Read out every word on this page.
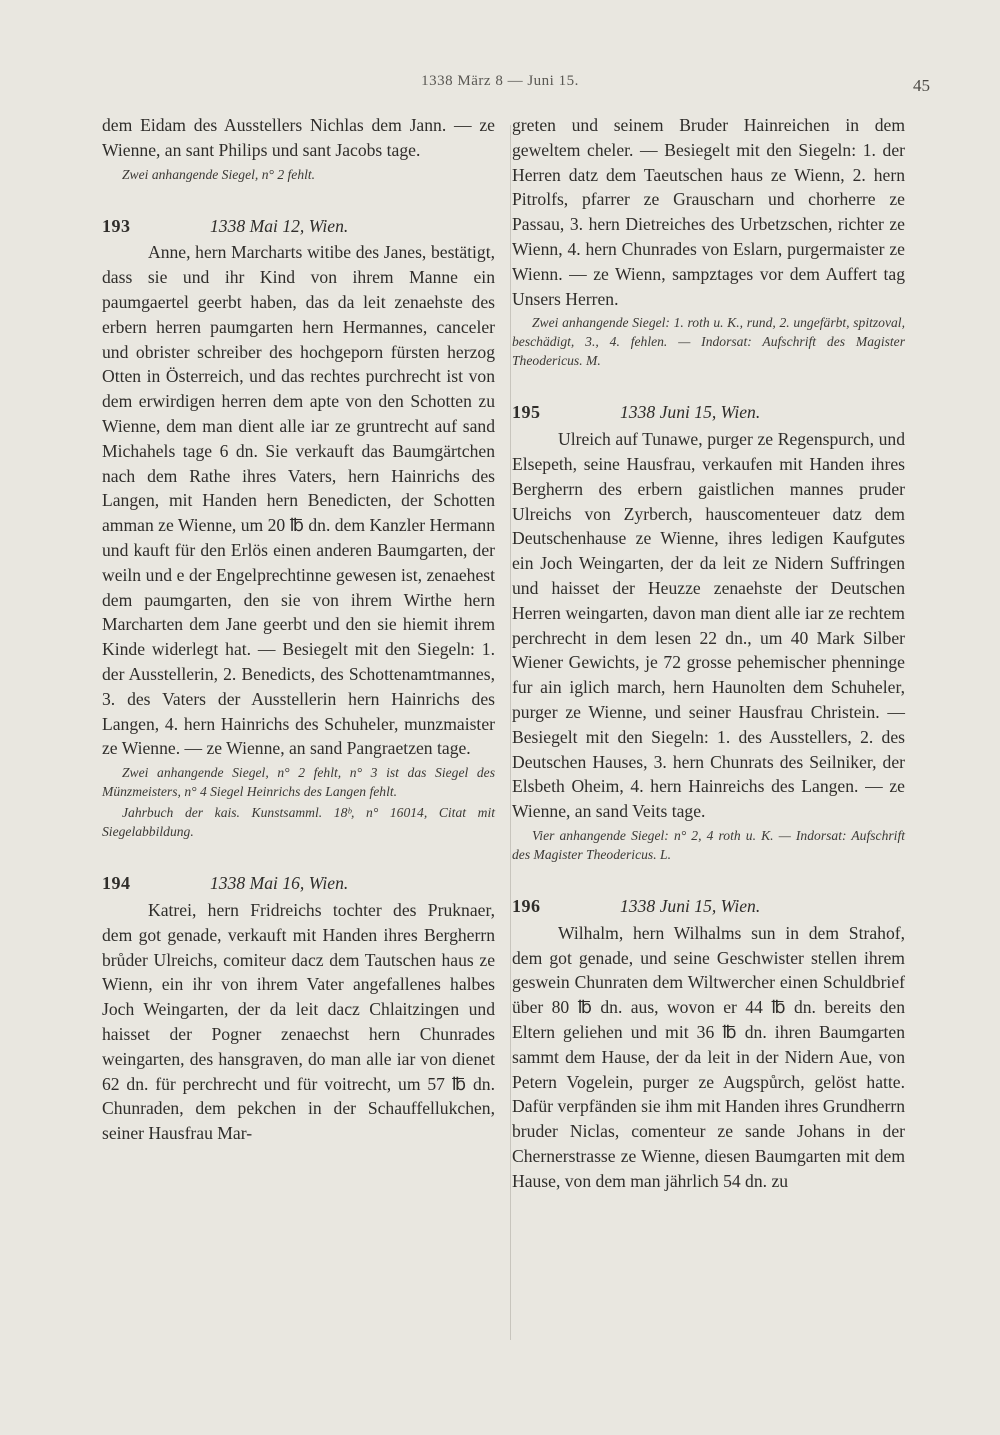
1338 März 8 — Juni 15.	45

dem Eidam des Ausstellers Nichlas dem Jann. — ze Wienne, an sant Philips und sant Jacobs tage.

Zwei anhangende Siegel, n° 2 fehlt.

193	1338 Mai 12, Wien.

Anne, hern Marcharts witibe des Janes, bestätigt, dass sie und ihr Kind von ihrem Manne ein paumgaertel geerbt haben, das da leit zenaehste des erbern herren paumgarten hern Hermannes, canceler und obrister schreiber des hochgeporn fürsten herzog Otten in Österreich, und das rechtes purchrecht ist von dem erwirdigen herren dem apte von den Schotten zu Wienne, dem man dient alle iar ze gruntrecht auf sand Michahels tage 6 dn. Sie verkauft das Baumgärtchen nach dem Rathe ihres Vaters, hern Hainrichs des Langen, mit Handen hern Benedicten, der Schotten amman ze Wienne, um 20 ℔ dn. dem Kanzler Hermann und kauft für den Erlös einen anderen Baumgarten, der weiln und e der Engelprechtinne gewesen ist, zenaehest dem paumgarten, den sie von ihrem Wirthe hern Marcharten dem Jane geerbt und den sie hiemit ihrem Kinde widerlegt hat. — Besiegelt mit den Siegeln: 1. der Ausstellerin, 2. Benedicts, des Schottenamtmannes, 3. des Vaters der Ausstellerin hern Hainrichs des Langen, 4. hern Hainrichs des Schuheler, munzmaister ze Wienne. — ze Wienne, an sand Pangraetzen tage.

Zwei anhangende Siegel, n° 2 fehlt, n° 3 ist das Siegel des Münzmeisters, n° 4 Siegel Heinrichs des Langen fehlt.

Jahrbuch der kais. Kunstsamml. 18ᵇ, n° 16014, Citat mit Siegelabbildung.

194	1338 Mai 16, Wien.

Katrei, hern Fridreichs tochter des Pruknaer, dem got genade, verkauft mit Handen ihres Bergherrn brůder Ulreichs, comiteur dacz dem Tautschen haus ze Wienn, ein ihr von ihrem Vater angefallenes halbes Joch Weingarten, der da leit dacz Chlaitzingen und haisset der Pogner zenaechst hern Chunrades weingarten, des hansgraven, do man alle iar von dienet 62 dn. für perchrecht und für voitrecht, um 57 ℔ dn. Chunraden, dem pekchen in der Schauffellukchen, seiner Hausfrau Mar-

greten und seinem Bruder Hainreichen in dem geweltem cheler. — Besiegelt mit den Siegeln: 1. der Herren datz dem Taeutschen haus ze Wienn, 2. hern Pitrolfs, pfarrer ze Grauscharn und chorherre ze Passau, 3. hern Dietreiches des Urbetzschen, richter ze Wienn, 4. hern Chunrades von Eslarn, purgermaister ze Wienn. — ze Wienn, sampztages vor dem Auffert tag Unsers Herren.

Zwei anhangende Siegel: 1. roth u. K., rund, 2. ungefärbt, spitzoval, beschädigt, 3., 4. fehlen. — Indorsat: Aufschrift des Magister Theodericus. M.

195	1338 Juni 15, Wien.

Ulreich auf Tunawe, purger ze Regenspurch, und Elsepeth, seine Hausfrau, verkaufen mit Handen ihres Bergherrn des erbern gaistlichen mannes pruder Ulreichs von Zyrberch, hauscomenteuer datz dem Deutschenhause ze Wienne, ihres ledigen Kaufgutes ein Joch Weingarten, der da leit ze Nidern Suffringen und haisset der Heuzze zenaehste der Deutschen Herren weingarten, davon man dient alle iar ze rechtem perchrecht in dem lesen 22 dn., um 40 Mark Silber Wiener Gewichts, je 72 grosse pehemischer phenninge fur ain iglich march, hern Haunolten dem Schuheler, purger ze Wienne, und seiner Hausfrau Christein. — Besiegelt mit den Siegeln: 1. des Ausstellers, 2. des Deutschen Hauses, 3. hern Chunrats des Seilniker, der Elsbeth Oheim, 4. hern Hainreichs des Langen. — ze Wienne, an sand Veits tage.

Vier anhangende Siegel: n° 2, 4 roth u. K. — Indorsat: Aufschrift des Magister Theodericus. L.

196	1338 Juni 15, Wien.

Wilhalm, hern Wilhalms sun in dem Strahof, dem got genade, und seine Geschwister stellen ihrem geswein Chunraten dem Wiltwercher einen Schuldbrief über 80 ℔ dn. aus, wovon er 44 ℔ dn. bereits den Eltern geliehen und mit 36 ℔ dn. ihren Baumgarten sammt dem Hause, der da leit in der Nidern Aue, von Petern Vogelein, purger ze Augspůrch, gelöst hatte. Dafür verpfänden sie ihm mit Handen ihres Grundherrn bruder Niclas, comenteur ze sande Johans in der Chernerstrasse ze Wienne, diesen Baumgarten mit dem Hause, von dem man jährlich 54 dn. zu
